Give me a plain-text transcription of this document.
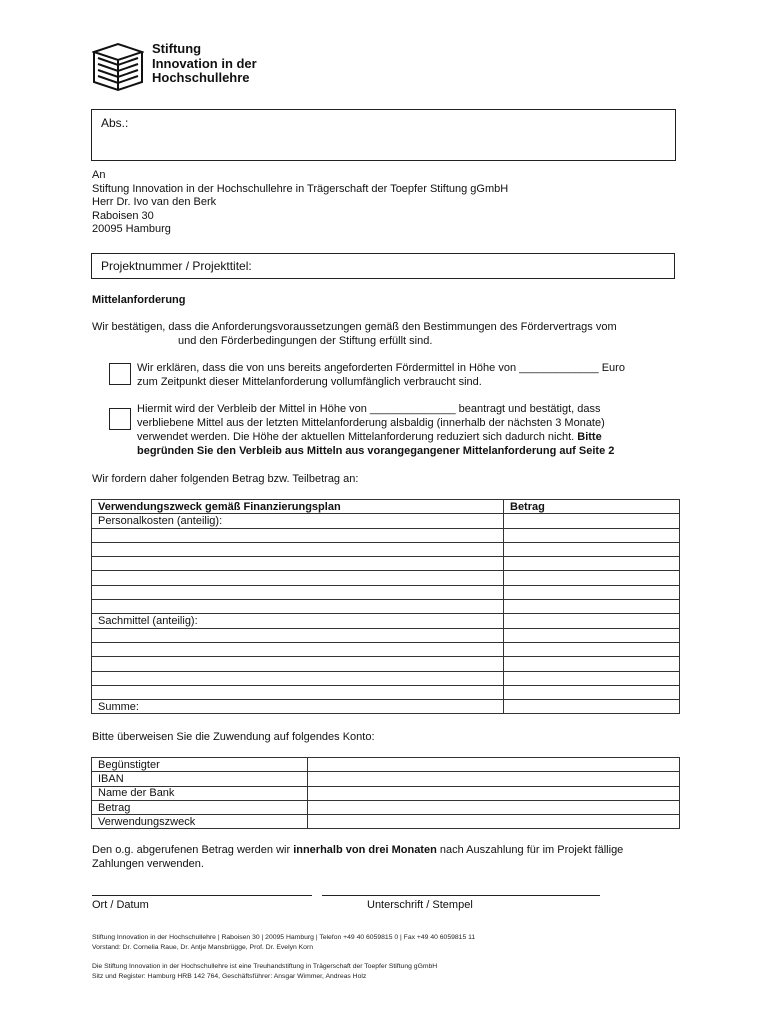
Stiftung
Innovation in der
Hochschullehre
Abs.:
An
Stiftung Innovation in der Hochschullehre in Trägerschaft der Toepfer Stiftung gGmbH
Herr Dr. Ivo van den Berk
Raboisen 30
20095 Hamburg
Projektnummer / Projekttitel:
Mittelanforderung
Wir bestätigen, dass die Anforderungsvoraussetzungen gemäß den Bestimmungen des Fördervertrags vom
und den Förderbedingungen der Stiftung erfüllt sind.
Wir erklären, dass die von uns bereits angeforderten Fördermittel in Höhe von _____________ Euro
zum Zeitpunkt dieser Mittelanforderung vollumfänglich verbraucht sind.
Hiermit wird der Verbleib der Mittel in Höhe von ______________ beantragt und bestätigt, dass
verbliebene Mittel aus der letzten Mittelanforderung alsbaldig (innerhalb der nächsten 3 Monate)
verwendet werden. Die Höhe der aktuellen Mittelanforderung reduziert sich dadurch nicht. Bitte
begründen Sie den Verbleib aus Mitteln aus vorangegangener Mittelanforderung auf Seite 2
Wir fordern daher folgenden Betrag bzw. Teilbetrag an:
Verwendungszweck gemäß Finanzierungsplan	Betrag
Personalkosten (anteilig):	

Sachmittel (anteilig):	

Summe:	
Bitte überweisen Sie die Zuwendung auf folgendes Konto:
Begünstigter	
IBAN	
Name der Bank	
Betrag	
Verwendungszweck	
Den o.g. abgerufenen Betrag werden wir innerhalb von drei Monaten nach Auszahlung für im Projekt fällige
Zahlungen verwenden.
Ort / Datum	Unterschrift / Stempel
Stiftung Innovation in der Hochschullehre | Raboisen 30 | 20095 Hamburg | Telefon +49 40 6059815 0 | Fax +49 40 6059815 11
Vorstand: Dr. Cornelia Raue, Dr. Antje Mansbrügge, Prof. Dr. Evelyn Korn
Die Stiftung Innovation in der Hochschullehre ist eine Treuhandstiftung in Trägerschaft der Toepfer Stiftung gGmbH
Sitz und Register: Hamburg HRB 142 764, Geschäftsführer: Ansgar Wimmer, Andreas Holz
